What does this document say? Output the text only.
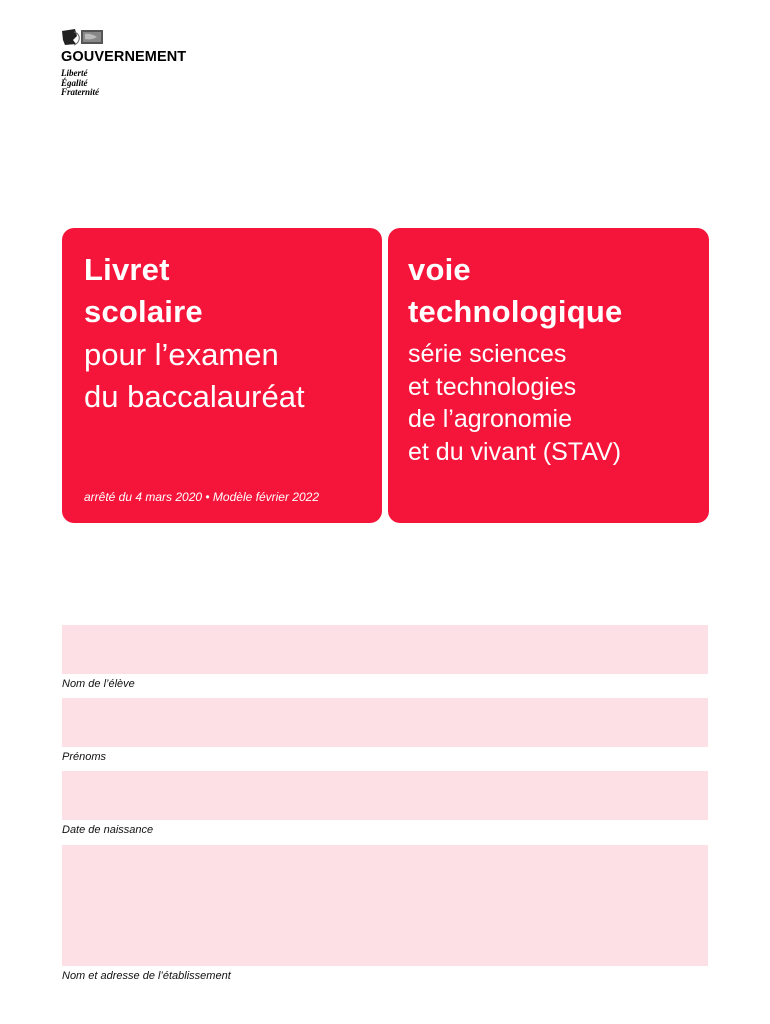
GOUVERNEMENT
Liberté
Égalité
Fraternité
Livret
scolaire
pour l’examen
du baccalauréat
arrêté du 4 mars 2020 • Modèle février 2022
voie
technologique
série sciences
et technologies
de l’agronomie
et du vivant (STAV)
Nom de l’élève
Prénoms
Date de naissance
Nom et adresse de l’établissement
